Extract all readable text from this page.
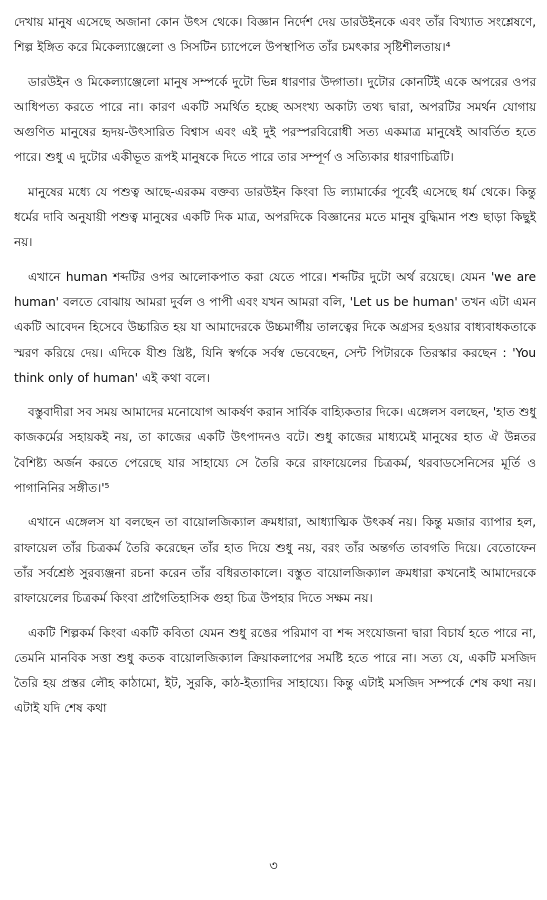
দেখায় মানুষ এসেছে অজানা কোন উৎস থেকে। বিজ্ঞান নির্দেশ দেয় ডারউইনকে এবং তাঁর বিখ্যাত সংশ্লেষণে, শিল্প ইঙ্গিত করে মিকেল্যাঞ্জেলো ও সিসটিন চ্যাপেলে উপস্থাপিত তাঁর চমৎকার সৃষ্টিশীলতায়।⁴

ডারউইন ও মিকেল্যাঞ্জেলো মানুষ সম্পর্কে দুটো ভিন্ন ধারণার উদ্গাতা। দুটোর কোনটিই একে অপরের ওপর আধিপত্য করতে পারে না। কারণ একটি সমর্থিত হচ্ছে অসংখ্য অকাট্য তথ্য দ্বারা, অপরটির সমর্থন যোগায় অগুণিত মানুষের হৃদয়-উৎসারিত বিশ্বাস এবং এই দুই পরস্পরবিরোধী সত্য একমাত্র মানুষেই আবর্তিত হতে পারে। শুধু এ দুটোর একীভূত রূপই মানুষকে দিতে পারে তার সম্পূর্ণ ও সত্যিকার ধারণাচিত্রটি।

মানুষের মধ্যে যে পশুত্ব আছে-এরকম বক্তব্য ডারউইন কিংবা ডি ল্যামার্কের পূর্বেই এসেছে ধর্ম থেকে। কিন্তু ধর্মের দাবি অনুযায়ী পশুত্ব মানুষের একটি দিক মাত্র, অপরদিকে বিজ্ঞানের মতে মানুষ বুদ্ধিমান পশু ছাড়া কিছুই নয়।

এখানে human শব্দটির ওপর আলোকপাত করা যেতে পারে। শব্দটির দুটো অর্থ রয়েছে। যেমন 'we are human' বলতে বোঝায় আমরা দুর্বল ও পাপী এবং যখন আমরা বলি, 'Let us be human' তখন এটা এমন একটি আবেদন হিসেবে উচ্চারিত হয় যা আমাদেরকে উচ্চমার্গীয় তালত্বের দিকে অগ্রসর হওয়ার বাধ্যবাধকতাকে স্মরণ করিয়ে দেয়। এদিকে যীশু খ্রিষ্ট, যিনি স্বর্গকে সর্বস্ব ভেবেছেন, সেন্ট পিটারকে তিরস্কার করছেন : 'You think only of human' এই কথা বলে।

বস্তুবাদীরা সব সময় আমাদের মনোযোগ আকর্ষণ করান সার্বিক বাহ্যিকতার দিকে। এঙ্গেলস বলছেন, 'হাত শুধু কাজকর্মের সহায়কই নয়, তা কাজের একটি উৎপাদনও বটে। শুধু কাজের মাধ্যমেই মানুষের হাত ঐ উন্নতর বৈশিষ্ট্য অর্জন করতে পেরেছে যার সাহায্যে সে তৈরি করে রাফায়েলের চিত্রকর্ম, থরবাডসেনিসের মূর্তি ও পাগানিনির সঙ্গীত।'⁵

এখানে এঙ্গেলস যা বলছেন তা বায়োলজিক্যাল ক্রমধারা, আধ্যাত্মিক উৎকর্ষ নয়। কিন্তু মজার ব্যাপার হল, রাফায়েল তাঁর চিত্রকর্ম তৈরি করেছেন তাঁর হাত দিয়ে শুধু নয়, বরং তাঁর অন্তর্গত তাবগতি দিয়ে। বেতোফেন তাঁর সর্বশ্রেষ্ঠ সুরব্যঞ্জনা রচনা করেন তাঁর বধিরতাকালে। বস্তুত বায়োলজিক্যাল ক্রমধারা কখনোই আমাদেরকে রাফায়েলের চিত্রকর্ম কিংবা প্রাগৈতিহাসিক গুহা চিত্র উপহার দিতে সক্ষম নয়।

একটি শিল্পকর্ম কিংবা একটি কবিতা যেমন শুধু রঙের পরিমাণ বা শব্দ সংযোজনা দ্বারা বিচার্য হতে পারে না, তেমনি মানবিক সত্তা শুধু কতক বায়োলজিক্যাল ক্রিয়াকলাপের সমষ্টি হতে পারে না। সত্য যে, একটি মসজিদ তৈরি হয় প্রস্তর লৌহ কাঠামো, ইট, সুরকি, কাঠ-ইত্যাদির সাহায্যে। কিন্তু এটাই মসজিদ সম্পর্কে শেষ কথা নয়। এটাই যদি শেষ কথা

৩
